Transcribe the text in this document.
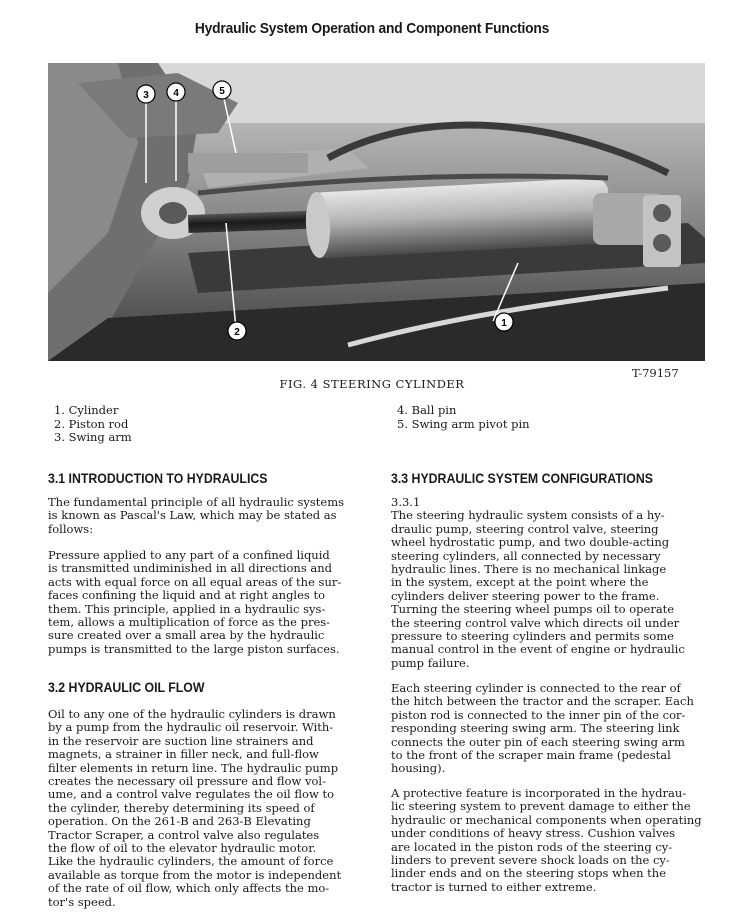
Hydraulic System Operation and Component Functions
3 4	5
2
1
T-79157
FIG. 4 STEERING CYLINDER
1. Cylinder
2. Piston rod
3. Swing arm
4. Ball pin
5. Swing arm pivot pin
3.1 INTRODUCTION TO HYDRAULICS

The fundamental principle of all hydraulic systems
is known as Pascal's Law, which may be stated as
follows:

Pressure applied to any part of a confined liquid
is transmitted undiminished in all directions and
acts with equal force on all equal areas of the sur-
faces confining the liquid and at right angles to
them. This principle, applied in a hydraulic sys-
tem, allows a multiplication of force as the pres-
sure created over a small area by the hydraulic
pumps is transmitted to the large piston surfaces.

3.2 HYDRAULIC OIL FLOW

Oil to any one of the hydraulic cylinders is drawn
by a pump from the hydraulic oil reservoir. With-
in the reservoir are suction line strainers and
magnets, a strainer in filler neck, and full-flow
filter elements in return line. The hydraulic pump
creates the necessary oil pressure and flow vol-
ume, and a control valve regulates the oil flow to
the cylinder, thereby determining its speed of
operation. On the 261-B and 263-B Elevating
Tractor Scraper, a control valve also regulates
the flow of oil to the elevator hydraulic motor.
Like the hydraulic cylinders, the amount of force
available as torque from the motor is independent
of the rate of oil flow, which only affects the mo-
tor's speed.

3.3 HYDRAULIC SYSTEM CONFIGURATIONS

3.3.1
The steering hydraulic system consists of a hy-
draulic pump, steering control valve, steering
wheel hydrostatic pump, and two double-acting
steering cylinders, all connected by necessary
hydraulic lines. There is no mechanical linkage
in the system, except at the point where the
cylinders deliver steering power to the frame.
Turning the steering wheel pumps oil to operate
the steering control valve which directs oil under
pressure to steering cylinders and permits some
manual control in the event of engine or hydraulic
pump failure.

Each steering cylinder is connected to the rear of
the hitch between the tractor and the scraper. Each
piston rod is connected to the inner pin of the cor-
responding steering swing arm. The steering link
connects the outer pin of each steering swing arm
to the front of the scraper main frame (pedestal
housing).

A protective feature is incorporated in the hydrau-
lic steering system to prevent damage to either the
hydraulic or mechanical components when operating
under conditions of heavy stress. Cushion valves
are located in the piston rods of the steering cy-
linders to prevent severe shock loads on the cy-
linder ends and on the steering stops when the
tractor is turned to either extreme.
